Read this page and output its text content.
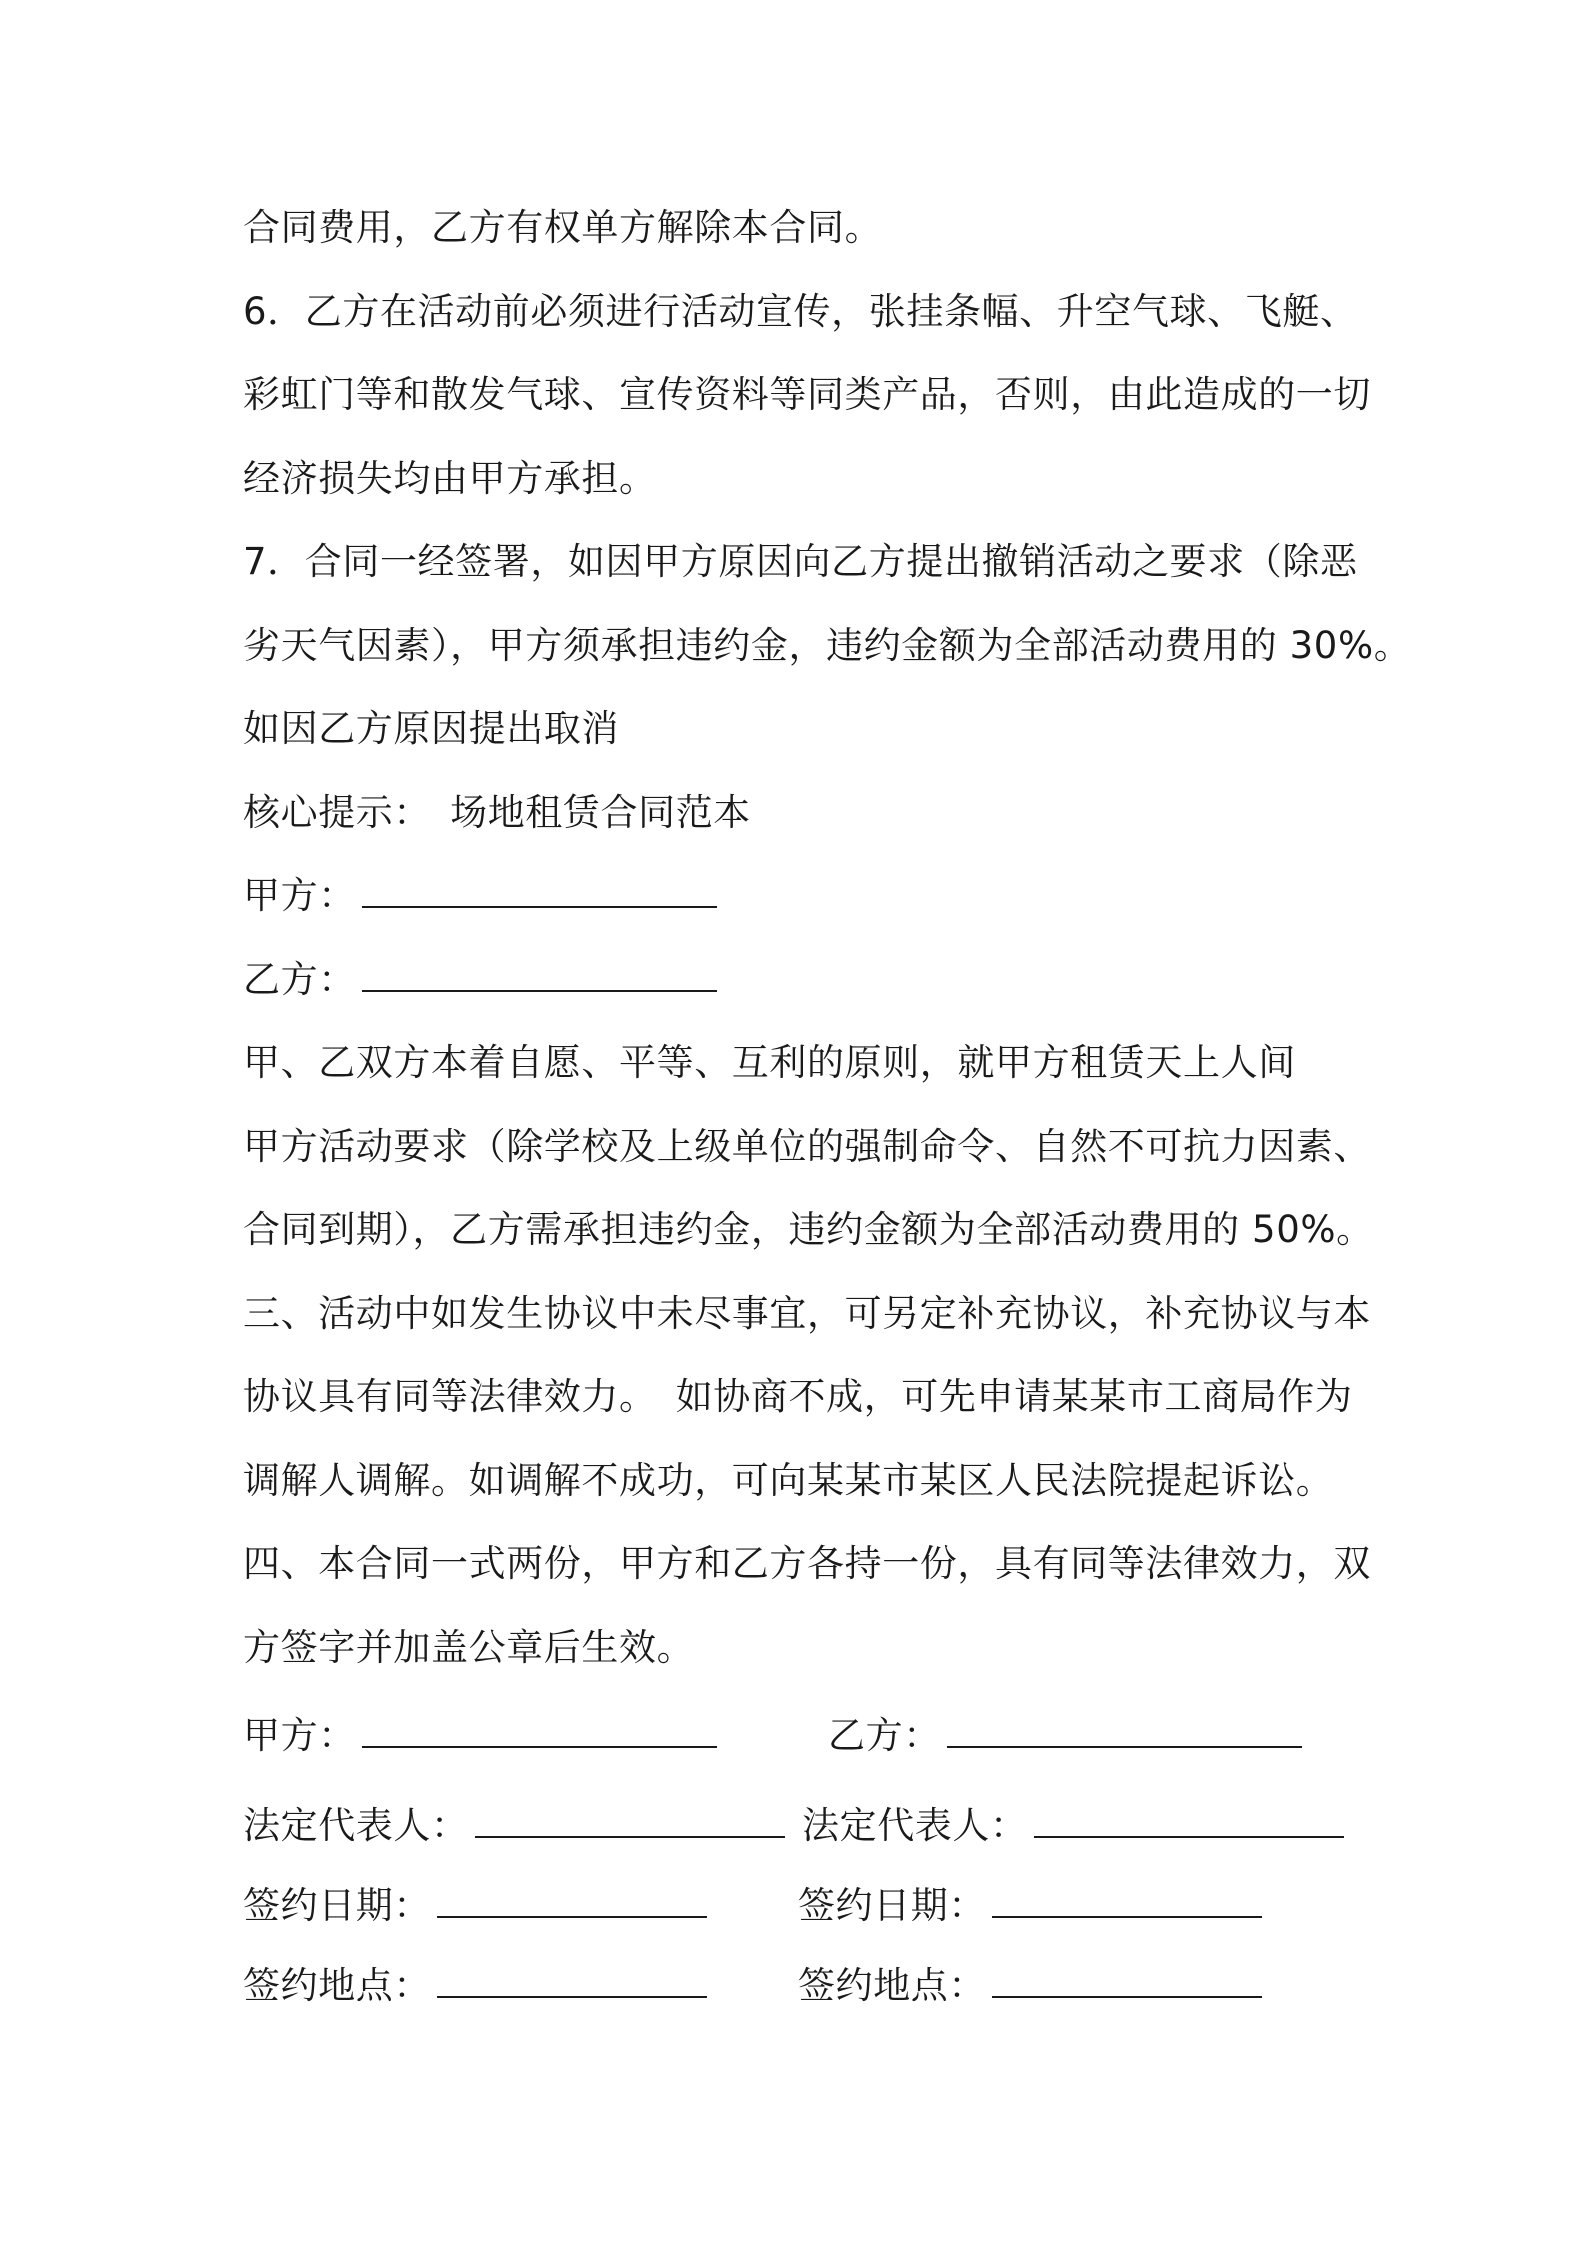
合同费用，乙方有权单方解除本合同。
6．乙方在活动前必须进行活动宣传，张挂条幅、升空气球、飞艇、
彩虹门等和散发气球、宣传资料等同类产品，否则，由此造成的一切
经济损失均由甲方承担。
7．合同一经签署，如因甲方原因向乙方提出撤销活动之要求（除恶
劣天气因素），甲方须承担违约金，违约金额为全部活动费用的 30%。
如因乙方原因提出取消
核心提示：　场地租赁合同范本
甲方：
乙方：
甲、乙双方本着自愿、平等、互利的原则，就甲方租赁天上人间
甲方活动要求（除学校及上级单位的强制命令、自然不可抗力因素、
合同到期），乙方需承担违约金，违约金额为全部活动费用的 50%。
三、活动中如发生协议中未尽事宜，可另定补充协议，补充协议与本
协议具有同等法律效力。　如协商不成，可先申请某某市工商局作为
调解人调解。如调解不成功，可向某某市某区人民法院提起诉讼。
四、本合同一式两份，甲方和乙方各持一份，具有同等法律效力，双
方签字并加盖公章后生效。
甲方：	乙方：
法定代表人：	法定代表人：
签约日期：	签约日期：
签约地点：	签约地点：
